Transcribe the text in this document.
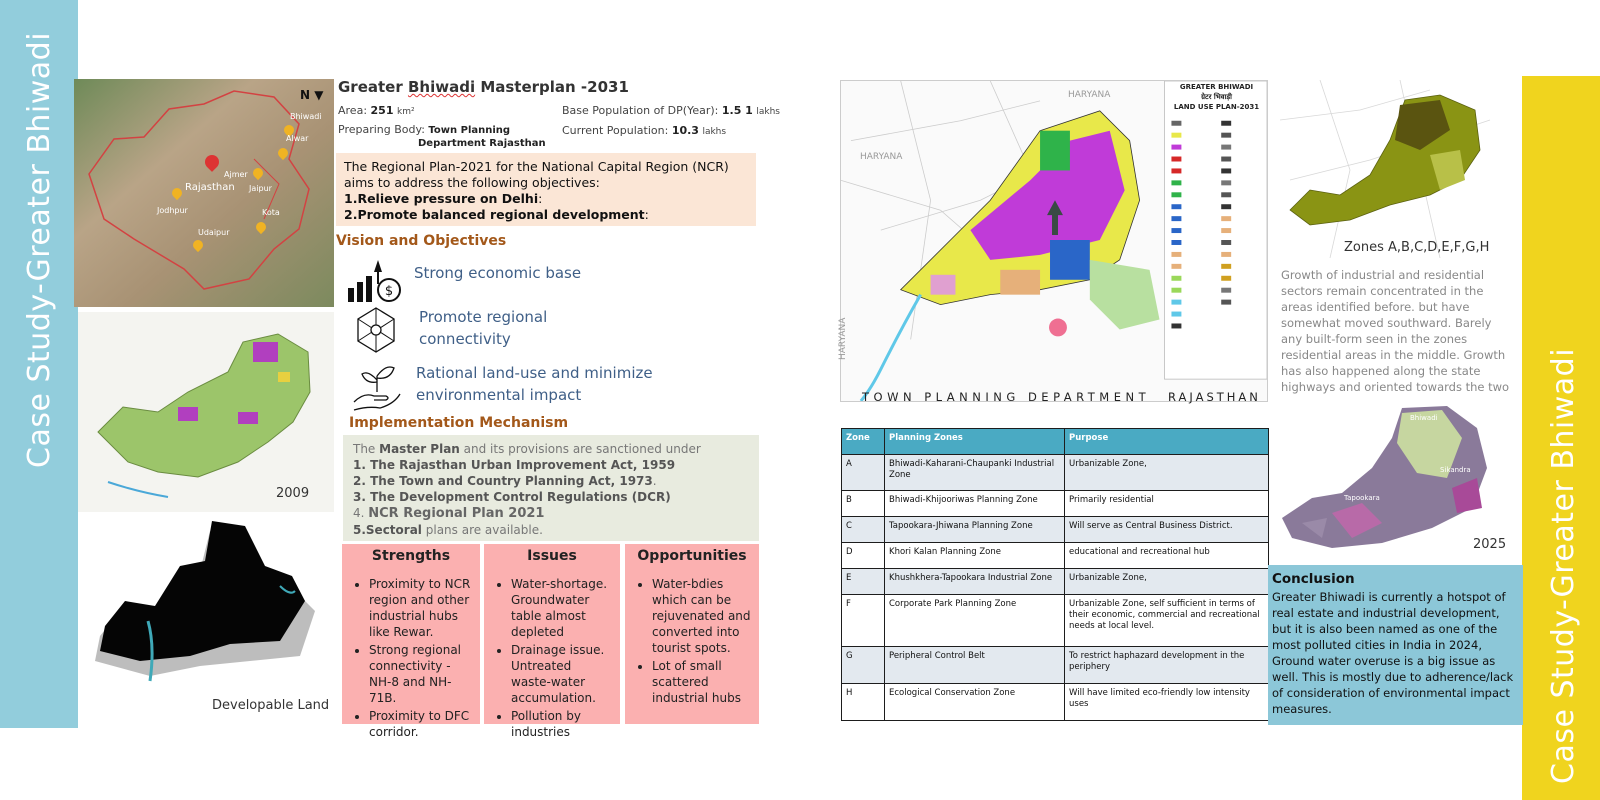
Case Study-Greater Bhiwadi
Case Study-Greater Bhiwadi
N ▼
Bhiwadi
Alwar
Ajmer
Jaipur
Rajasthan
Jodhpur	Kota
Udaipur
2009
Developable Land
Greater Bhiwadi Masterplan -2031
Area: 251 km²	Base Population of DP(Year): 1.5 1 lakhs
Preparing Body: Town Planning
Department Rajasthan
Current Population: 10.3 lakhs
The Regional Plan-2021 for the National Capital Region (NCR) aims to address the following objectives:
1.Relieve pressure on Delhi:
2.Promote balanced regional development:
Vision and Objectives
$
Strong economic base
Promote regional connectivity
Rational land-use and minimize environmental impact
Implementation Mechanism
The Master Plan and its provisions are sanctioned under
1. The Rajasthan Urban Improvement Act, 1959
2. The Town and Country Planning Act, 1973.
3. The Development Control Regulations (DCR)
4. NCR Regional Plan 2021
5.Sectoral plans are available.
Strengths
• Proximity to NCR region and other industrial hubs like Rewar.
• Strong regional connectivity -NH-8 and NH-71B.
• Proximity to DFC corridor.
Issues
• Water-shortage. Groundwater table almost depleted
• Drainage issue. Untreated waste-water accumulation.
• Pollution by industries
Opportunities
• Water-bdies which can be rejuvenated and converted into tourist spots.
• Lot of small scattered industrial hubs
GREATER BHIWADI
ग्रेटर भिवाड़ी
LAND USE PLAN-2031
HARYANA
HARYANA
HARYANA
TOWN PLANNING DEPARTMENT RAJASTHAN
Zone	Planning Zones	Purpose
A	Bhiwadi-Kaharani-Chaupanki Industrial Zone	Urbanizable Zone,
B	Bhiwadi-Khijooriwas Planning Zone	Primarily residential
C	Tapookara-Jhiwana Planning Zone	Will serve as Central Business District.
D	Khori Kalan Planning Zone	educational and recreational hub
E	Khushkhera-Tapookara Industrial Zone	Urbanizable Zone,
F	Corporate Park Planning Zone	Urbanizable Zone, self sufficient in terms of their economic, commercial and recreational needs at local level.
G	Peripheral Control Belt	To restrict haphazard development in the periphery
H	Ecological Conservation Zone	Will have limited eco-friendly low intensity uses
Zones A,B,C,D,E,F,G,H
Growth of industrial and residential sectors remain concentrated in the areas identified before. but have somewhat moved southward. Barely any built-form seen in the zones residential areas in the middle. Growth has also happened along the state highways and oriented towards the two
Bhiwadi
Sikandra
Tapookara
2025
Conclusion

Greater Bhiwadi is currently a hotspot of real estate and industrial development, but it is also been named as one of the most polluted cities in India in 2024, Ground water overuse is a big issue as well. This is mostly due to adherence/lack of consideration of environmental impact measures.
